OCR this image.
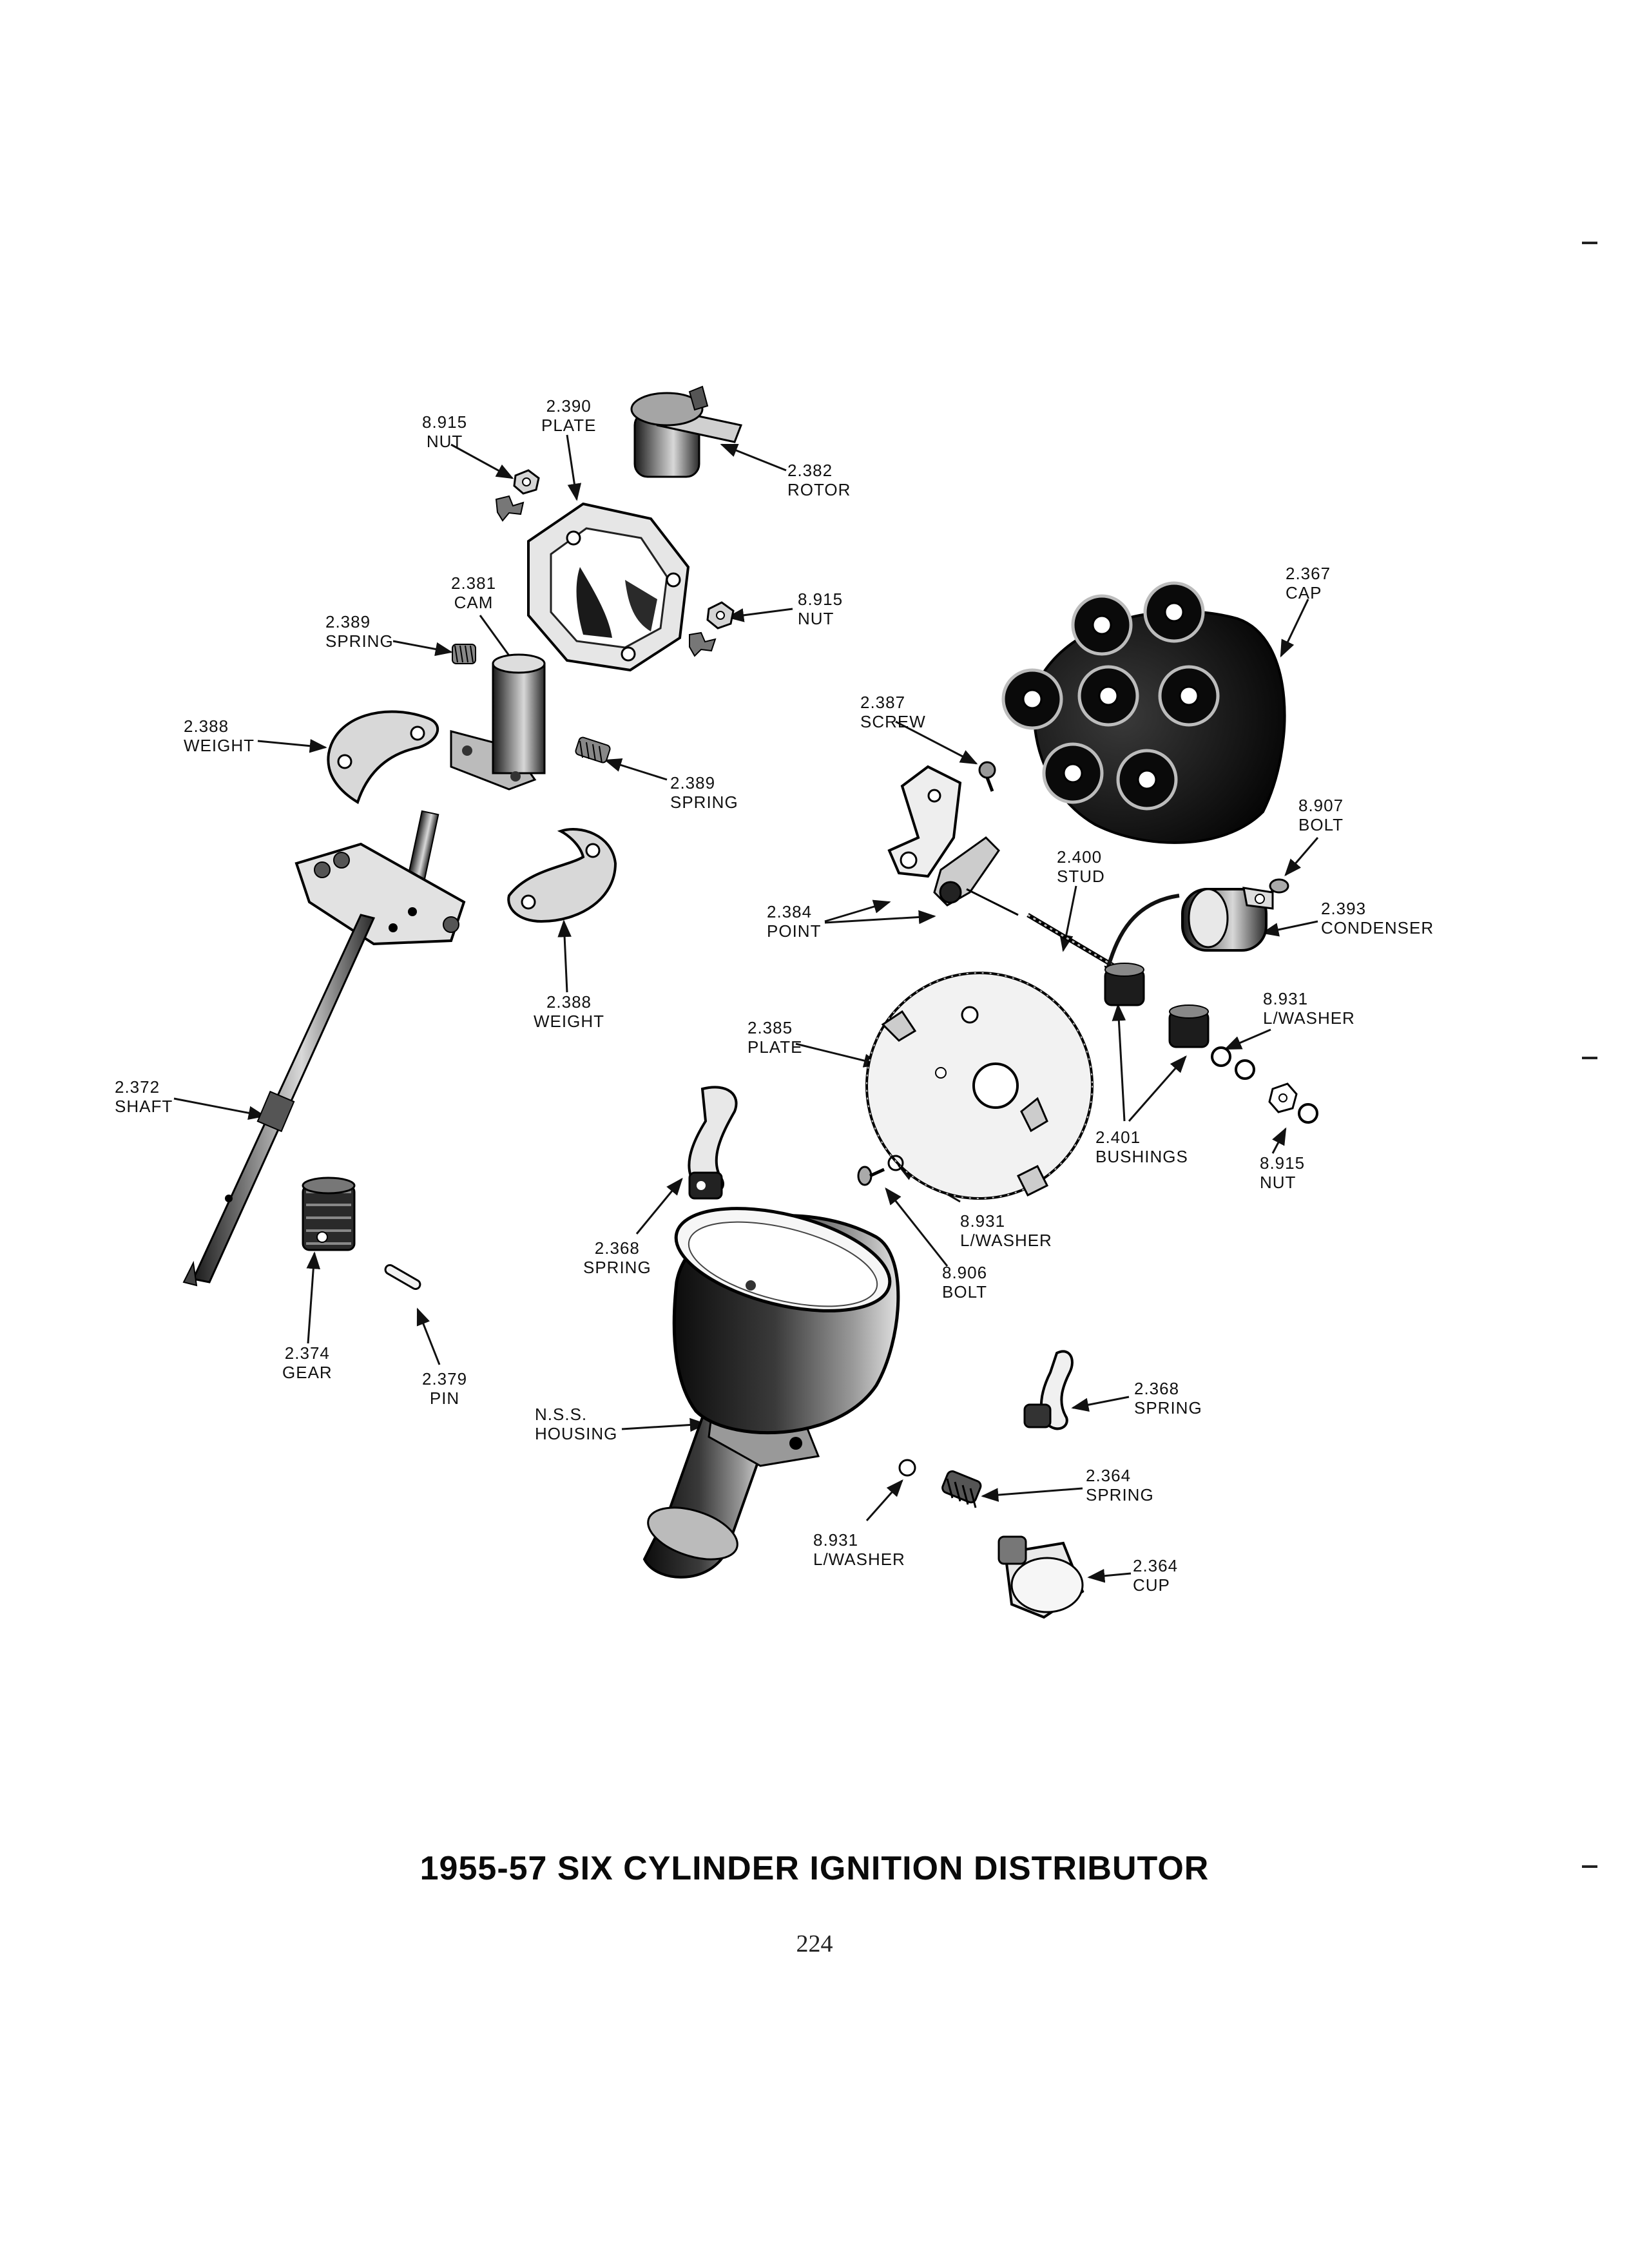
8.915
NUT
2.390
PLATE
2.382
ROTOR
2.381
CAM	8.915
NUT
2.389
SPRING
2.388
WEIGHT
2.389
SPRING
2.388
WEIGHT
2.372
SHAFT
2.374
GEAR	2.379
PIN
2.367
CAP
2.387
SCREW
8.907
BOLT
2.400
STUD
2.384
POINT
2.393
CONDENSER
8.931
L/WASHER
2.385
PLATE
2.401
BUSHINGS	8.915
NUT
2.368
SPRING
8.931
L/WASHER
8.906
BOLT
N.S.S.
HOUSING
2.368
SPRING
2.364
SPRING
8.931
L/WASHER	2.364
CUP
1955-57 SIX CYLINDER IGNITION DISTRIBUTOR
224
